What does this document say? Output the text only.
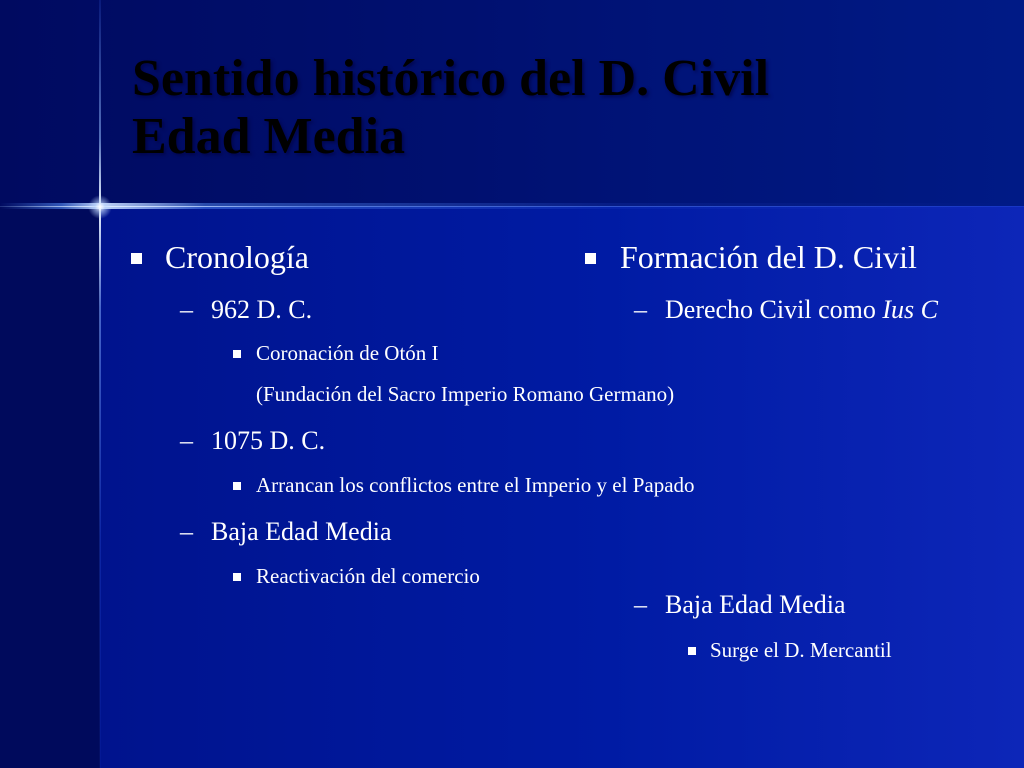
Sentido histórico del D. Civil
Edad Media
Cronología
– 962 D. C.
Coronación de Otón I
(Fundación del Sacro Imperio Romano Germano)
– 1075 D. C.
Arrancan los conflictos entre el Imperio y el Papado
– Baja Edad Media
Reactivación del comercio
Formación del D. Civil
– Derecho Civil como Ius C
– Baja Edad Media
Surge el D. Mercantil
